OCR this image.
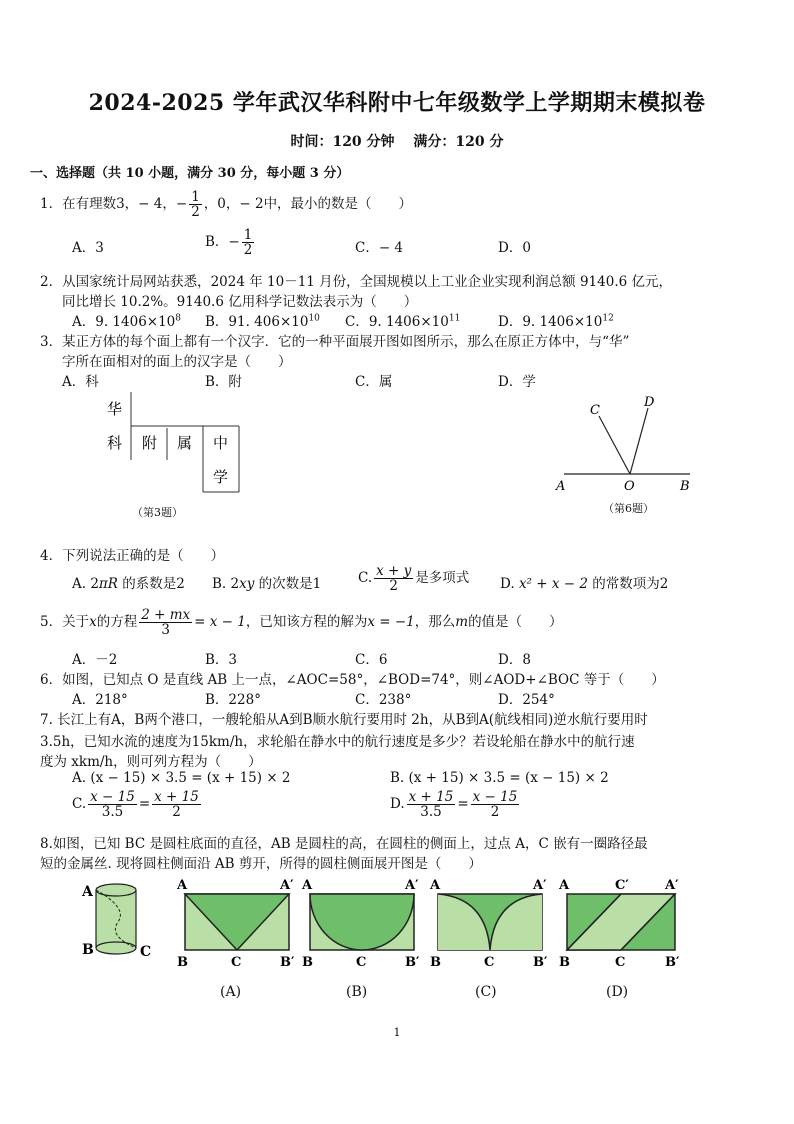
2024-2025 学年武汉华科附中七年级数学上学期期末模拟卷
时间：120 分钟　 满分：120 分
一、选择题（共 10 小题，满分 30 分，每小题 3 分）
1．在有理数3，− 4，− $\frac{1}{2}$ ，0，− 2中，最小的数是（　　）
A．3	B．− $\frac{1}{2}$	C．− 4	D．0
2．从国家统计局网站获悉，2024 年 10－11 月份，全国规模以上工业企业实现利润总额 9140.6 亿元，
同比增长 10.2%。9140.6 亿用科学记数法表示为（　　）
A．9. $1406\times 10^8$ B．91. $406\times 10^{10}$ C．9. $1406\times 10^{11}$	D．9. $1406\times 10^{12}$
3．某正方体的每个面上都有一个汉字．它的一种平面展开图如图所示，那么在原正方体中，与“华”
字所在面相对的面上的汉字是（　　）
A．科	B．附	C．属	D．学
华
科 附 属 中
学
（第3题）
C
D
A	O	B
（第6题）
4．下列说法正确的是（　　）
A. 2πR 的系数是2 B. 2xy 的次数是1	C. $\frac{x + y}{2}$ 是多项式 D. x² + x − 2 的常数项为2
5．关于x的方程 $\frac{2 + mx}{3} = x - 1$，已知该方程的解为x = −1，那么m的值是（　　）
A．－2	B．3	C．6	D．8
6．如图，已知点 O 是直线 AB 上一点，∠AOC=58°，∠BOD=74°，则∠AOD+∠BOC 等于（　　）
A．218°	B．228°	C．238°	D．254°
7. 长江上有A，B两个港口，一艘轮船从A到B顺水航行要用时 2h，从B到A(航线相同)逆水航行要用时
3.5h，已知水流的速度为15km/h，求轮船在静水中的航行速度是多少？若设轮船在静水中的航行速
度为 xkm/h，则可列方程为（　　）
A. (x − 15) × 3.5 = (x + 15) × 2	B. (x + 15) × 3.5 = (x − 15) × 2
C. $\frac{x - 15}{3.5} = \frac{x + 15}{2}$	D. $\frac{x + 15}{3.5} = \frac{x - 15}{2}$
8.如图，已知 BC 是圆柱底面的直径，AB 是圆柱的高，在圆柱的侧面上，过点 A，C 嵌有一圈路径最
短的金属丝. 现将圆柱侧面沿 AB 剪开，所得的圆柱侧面展开图是（　　）
A
B	C
A	A′
B	C	B′
(A)
A	A′
B	C	B′
(B)
A	A′
B	C	B′
(C)
A	C′	A′
B	C	B′
(D)
1
